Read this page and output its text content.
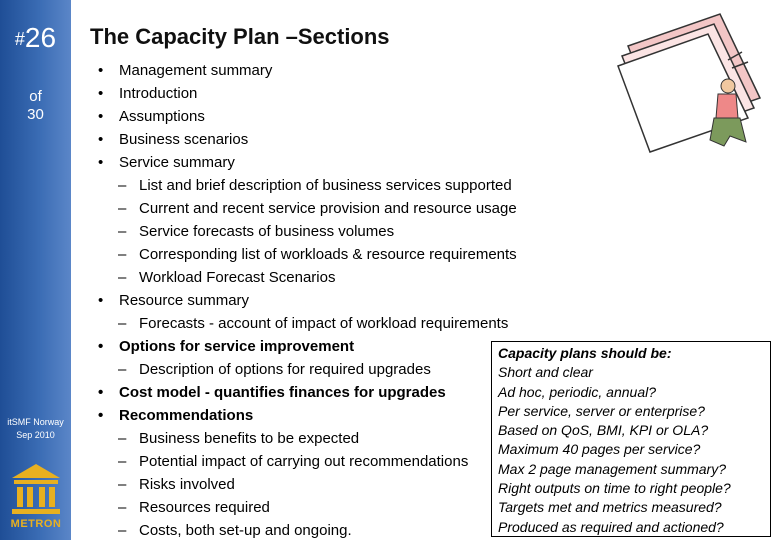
#26
of
30
itSMF Norway
Sep 2010
METRON
The Capacity Plan –Sections
• Management summary
• Introduction
• Assumptions
• Business scenarios
• Service summary
– List and brief description of business services supported
– Current and recent service provision and resource usage
– Service forecasts of business volumes
– Corresponding list of workloads & resource requirements
– Workload Forecast Scenarios
• Resource summary
– Forecasts - account of impact of workload requirements
• Options for service improvement
– Description of options for required upgrades
• Cost model - quantifies finances for upgrades
• Recommendations
– Business benefits to be expected
– Potential impact of carrying out recommendations
– Risks involved
– Resources required
– Costs, both set-up and ongoing.
Capacity plans should be:
Short and clear
Ad hoc, periodic, annual?
Per service, server or enterprise?
Based on QoS, BMI, KPI or OLA?
Maximum 40 pages per service?
Max 2 page management summary?
Right outputs on time to right people?
Targets met and metrics measured?
Produced as required and actioned?
